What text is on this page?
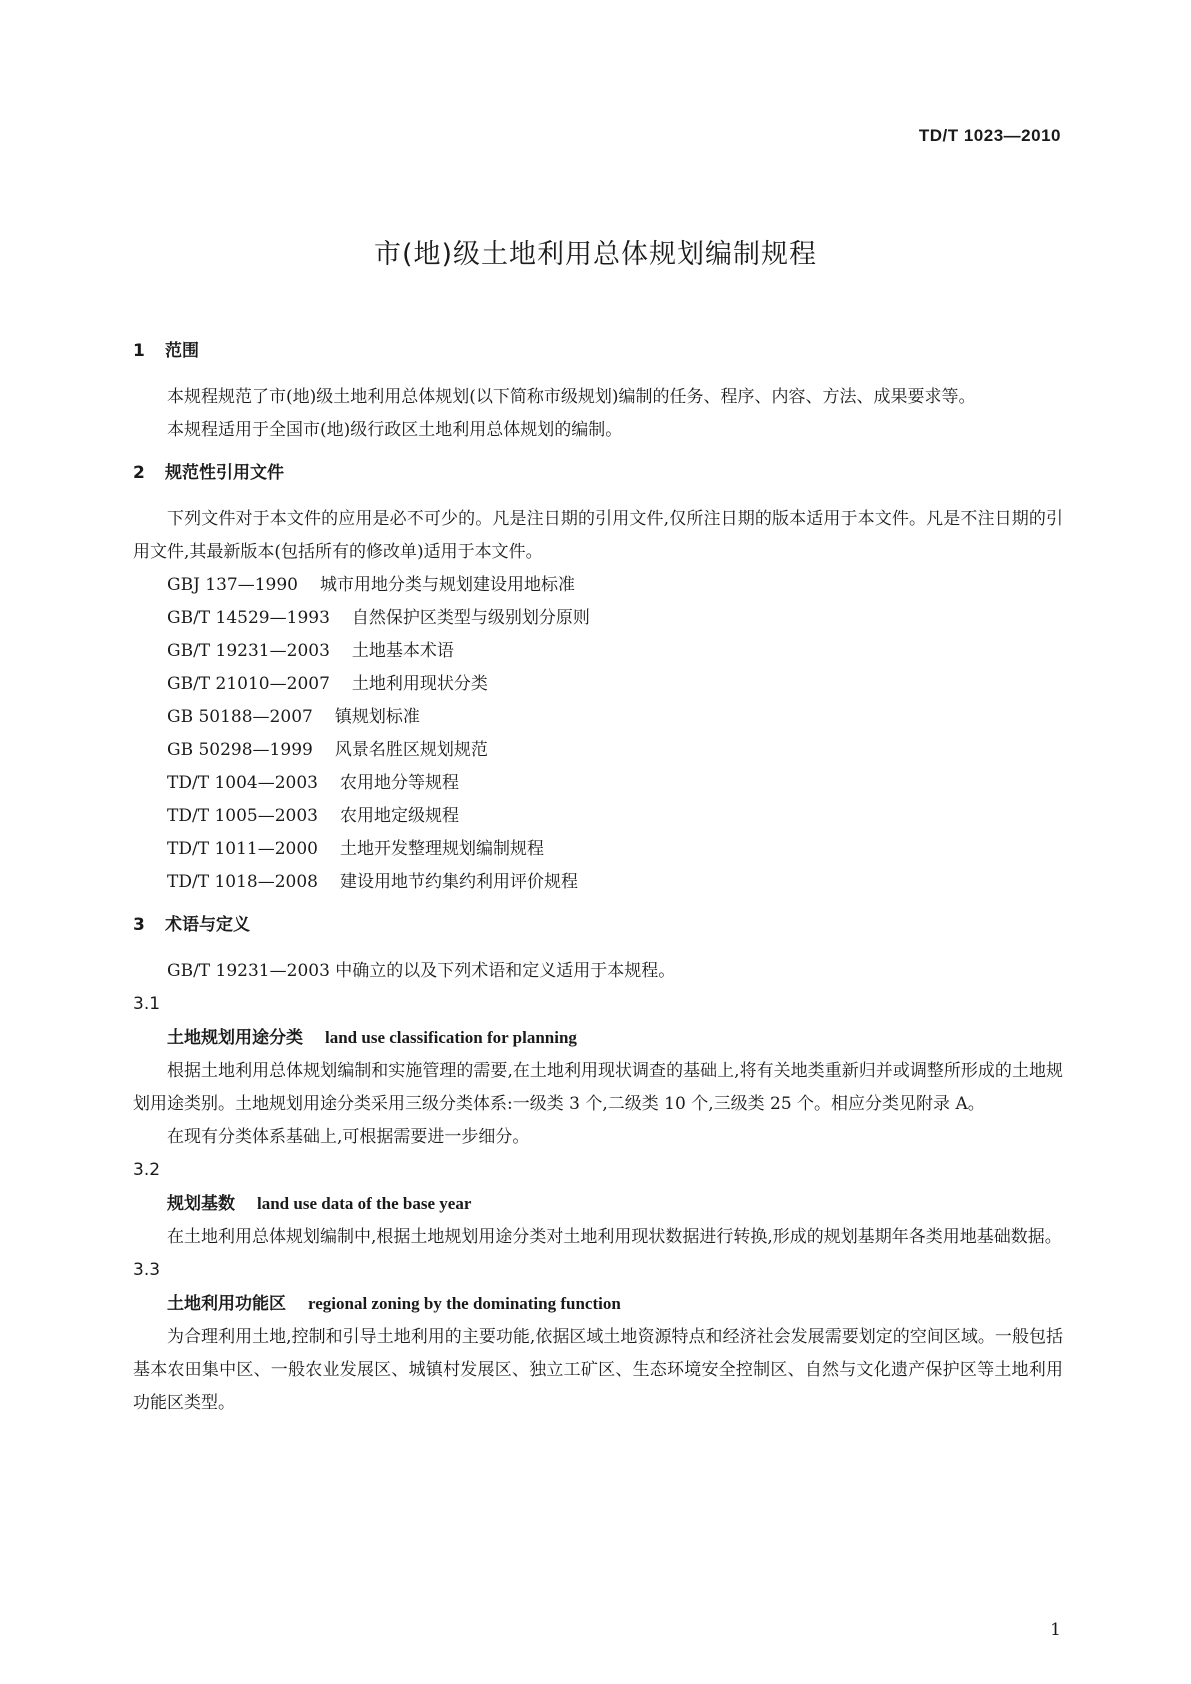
TD/T 1023—2010
市(地)级土地利用总体规划编制规程
1 范围

本规程规范了市(地)级土地利用总体规划(以下简称市级规划)编制的任务、程序、内容、方法、成果要求等。

本规程适用于全国市(地)级行政区土地利用总体规划的编制。

2 规范性引用文件

下列文件对于本文件的应用是必不可少的。凡是注日期的引用文件,仅所注日期的版本适用于本文件。凡是不注日期的引用文件,其最新版本(包括所有的修改单)适用于本文件。

GBJ 137—1990 城市用地分类与规划建设用地标准
GB/T 14529—1993 自然保护区类型与级别划分原则
GB/T 19231—2003 土地基本术语
GB/T 21010—2007 土地利用现状分类
GB 50188—2007 镇规划标准
GB 50298—1999 风景名胜区规划规范
TD/T 1004—2003 农用地分等规程
TD/T 1005—2003 农用地定级规程
TD/T 1011—2000 土地开发整理规划编制规程
TD/T 1018—2008 建设用地节约集约利用评价规程
3 术语与定义

GB/T 19231—2003 中确立的以及下列术语和定义适用于本规程。

3.1
土地规划用途分类 land use classification for planning

根据土地利用总体规划编制和实施管理的需要,在土地利用现状调查的基础上,将有关地类重新归并或调整所形成的土地规划用途类别。土地规划用途分类采用三级分类体系:一级类 3 个,二级类 10 个,三级类 25 个。相应分类见附录 A。

在现有分类体系基础上,可根据需要进一步细分。

3.2
规划基数 land use data of the base year

在土地利用总体规划编制中,根据土地规划用途分类对土地利用现状数据进行转换,形成的规划基期年各类用地基础数据。

3.3
土地利用功能区 regional zoning by the dominating function

为合理利用土地,控制和引导土地利用的主要功能,依据区域土地资源特点和经济社会发展需要划定的空间区域。一般包括基本农田集中区、一般农业发展区、城镇村发展区、独立工矿区、生态环境安全控制区、自然与文化遗产保护区等土地利用功能区类型。

1
